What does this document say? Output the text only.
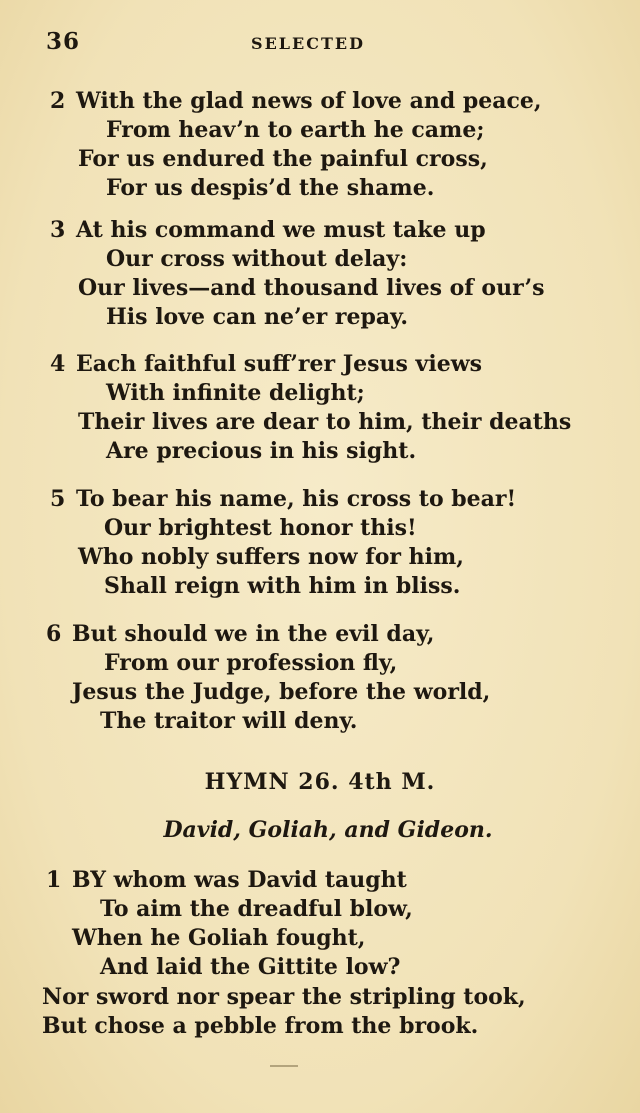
36	SELECTED
2 With the glad news of love and peace,
From heav’n to earth he came;
For us endured the painful cross,
For us despis’d the shame.
3 At his command we must take up
Our cross without delay:
Our lives—and thousand lives of our’s
His love can ne’er repay.
4 Each faithful suff’rer Jesus views
With infinite delight;
Their lives are dear to him, their deaths
Are precious in his sight.
5 To bear his name, his cross to bear!
Our brightest honor this!
Who nobly suffers now for him,
Shall reign with him in bliss.
6 But should we in the evil day,
From our profession fly,
Jesus the Judge, before the world,
The traitor will deny.
HYMN 26. 4th M.
David, Goliah, and Gideon.
1 BY whom was David taught
To aim the dreadful blow,
When he Goliah fought,
And laid the Gittite low?
Nor sword nor spear the stripling took,
But chose a pebble from the brook.
